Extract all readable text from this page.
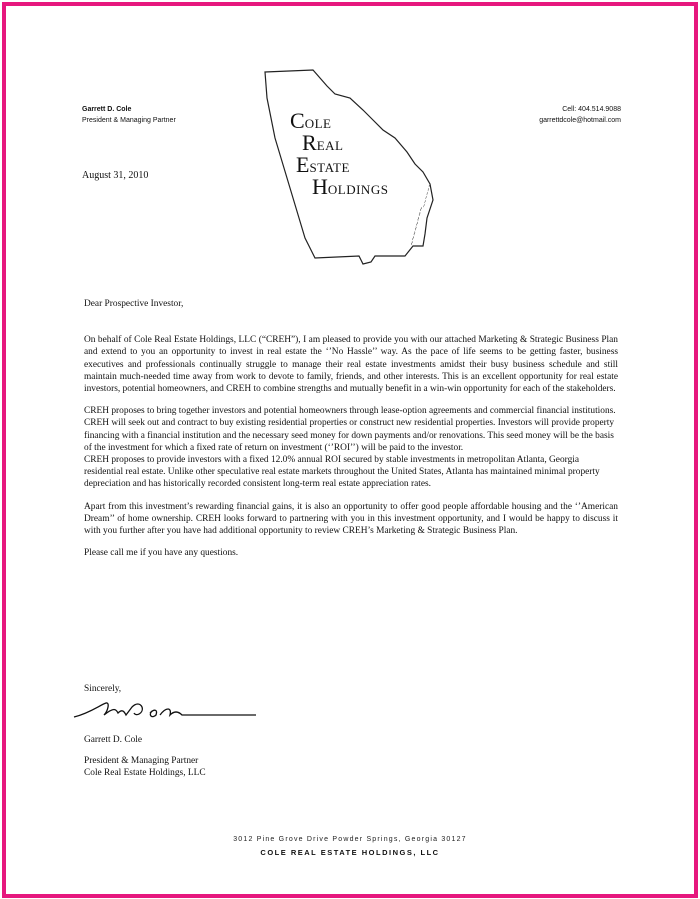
Garrett D. Cole
President & Managing Partner
Cell: 404.514.9088
garrettdcole@hotmail.com
~~~~~~~~
~~~~~~
COLE
REAL
ESTATE
HOLDINGS
August 31, 2010

Dear Prospective Investor,

On behalf of Cole Real Estate Holdings, LLC (“CREH”), I am pleased to provide you with our attached Marketing & Strategic Business Plan and extend to you an opportunity to invest in real estate the ‘’No Hassle’’ way. As the pace of life seems to be getting faster, business executives and professionals continually struggle to manage their real estate investments amidst their busy business schedule and still maintain much-needed time away from work to devote to family, friends, and other interests. This is an excellent opportunity for real estate investors, potential homeowners, and CREH to combine strengths and mutually benefit in a win-win opportunity for each of the stakeholders.

CREH proposes to bring together investors and potential homeowners through lease-option agreements and commercial financial institutions. CREH will seek out and contract to buy existing residential properties or construct new residential properties. Investors will provide property financing with a financial institution and the necessary seed money for down payments and/or renovations. This seed money will be the basis of the investment for which a fixed rate of return on investment (‘’ROI’’) will be paid to the investor.

CREH proposes to provide investors with a fixed 12.0% annual ROI secured by stable investments in metropolitan Atlanta, Georgia residential real estate. Unlike other speculative real estate markets throughout the United States, Atlanta has maintained minimal property depreciation and has historically recorded consistent long-term real estate appreciation rates.

Apart from this investment’s rewarding financial gains, it is also an opportunity to offer good people affordable housing and the ‘’American Dream’’ of home ownership. CREH looks forward to partnering with you in this investment opportunity, and I would be happy to discuss it with you further after you have had additional opportunity to review CREH’s Marketing & Strategic Business Plan.

Please call me if you have any questions.

Sincerely,
Garrett D. Cole
President & Managing Partner
Cole Real Estate Holdings, LLC
3012 Pine Grove Drive Powder Springs, Georgia 30127
COLE REAL ESTATE HOLDINGS, LLC
